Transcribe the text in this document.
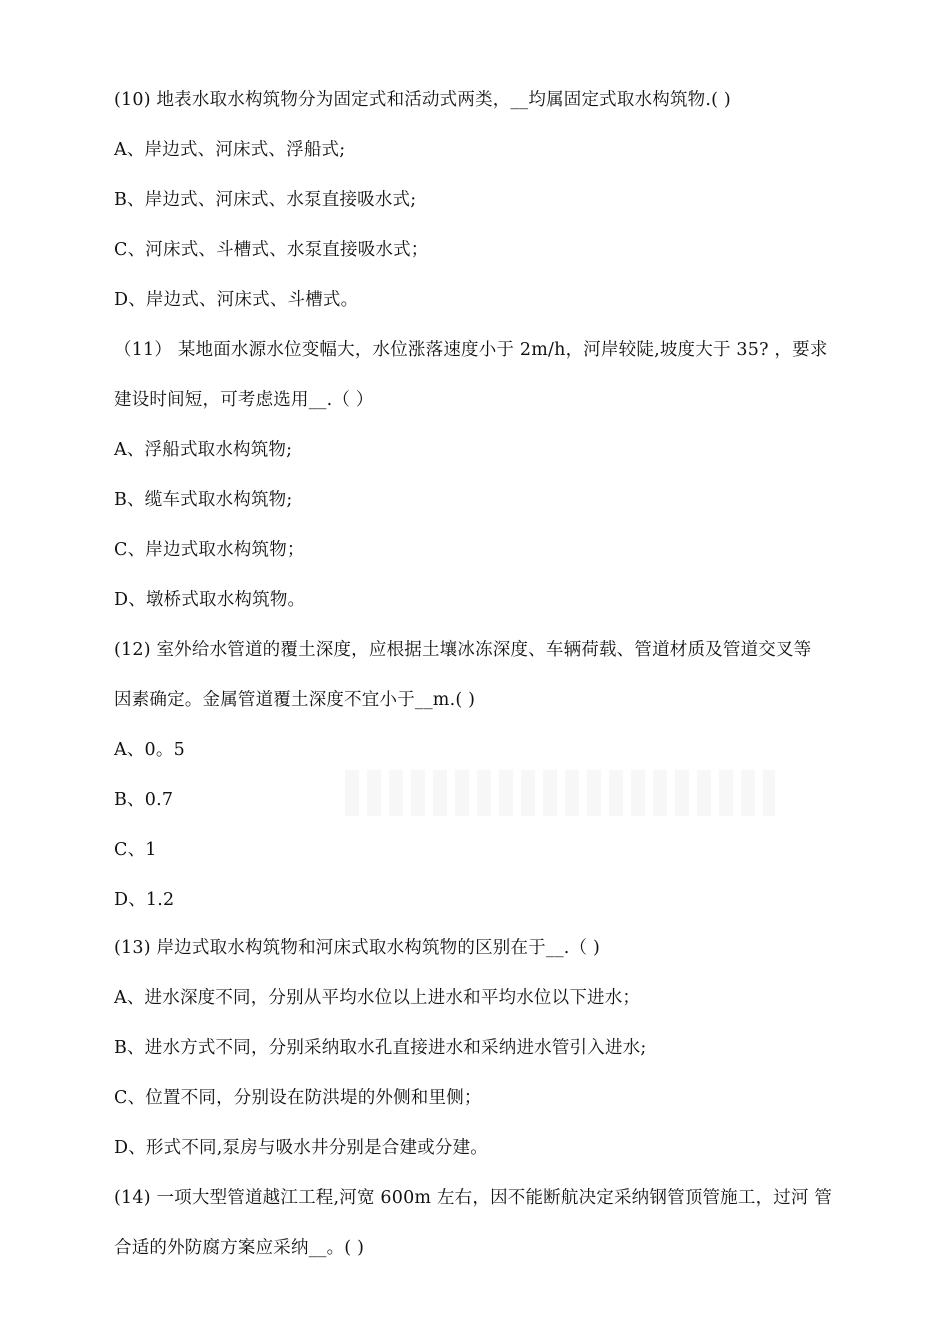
(10) 地表水取水构筑物分为固定式和活动式两类，__均属固定式取水构筑物.( )
A、岸边式、河床式、浮船式;
B、岸边式、河床式、水泵直接吸水式;
C、河床式、斗槽式、水泵直接吸水式；
D、岸边式、河床式、斗槽式。
（11） 某地面水源水位变幅大，水位涨落速度小于 2m/h，河岸较陡,坡度大于 35? ，要求
建设时间短，可考虑选用__.（ ）
A、浮船式取水构筑物;
B、缆车式取水构筑物;
C、岸边式取水构筑物；
D、墩桥式取水构筑物。
(12) 室外给水管道的覆土深度，应根据土壤冰冻深度、车辆荷载、管道材质及管道交叉等
因素确定。金属管道覆土深度不宜小于__m.( )
A、0。5
B、0.7
C、1
D、1.2
(13) 岸边式取水构筑物和河床式取水构筑物的区别在于__.（ )
A、进水深度不同，分别从平均水位以上进水和平均水位以下进水；
B、进水方式不同，分别采纳取水孔直接进水和采纳进水管引入进水;
C、位置不同，分别设在防洪堤的外侧和里侧；
D、形式不同,泵房与吸水井分别是合建或分建。
(14) 一项大型管道越江工程,河宽 600m 左右，因不能断航决定采纳钢管顶管施工，过河 管
合适的外防腐方案应采纳__。( )
